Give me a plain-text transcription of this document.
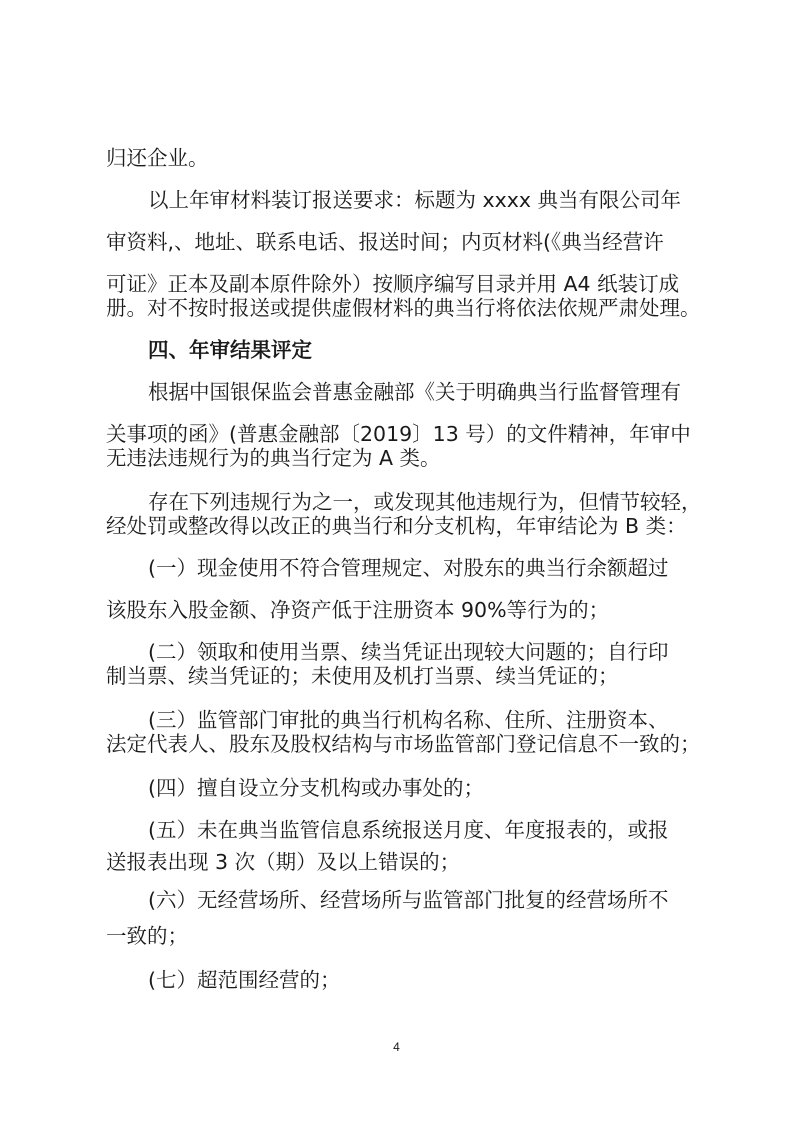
归还企业。
以上年审材料装订报送要求：标题为 xxxx 典当有限公司年
审资料,、地址、联系电话、报送时间；内页材料(《典当经营许
可证》正本及副本原件除外）按顺序编写目录并用 A4 纸装订成
册。对不按时报送或提供虚假材料的典当行将依法依规严肃处理。
四、年审结果评定
根据中国银保监会普惠金融部《关于明确典当行监督管理有
关事项的函》(普惠金融部〔2019〕13 号）的文件精神，年审中
无违法违规行为的典当行定为 A 类。
存在下列违规行为之一，或发现其他违规行为，但情节较轻，
经处罚或整改得以改正的典当行和分支机构，年审结论为 B 类：
(一）现金使用不符合管理规定、对股东的典当行余额超过
该股东入股金额、净资产低于注册资本 90%等行为的；
(二）领取和使用当票、续当凭证出现较大问题的；自行印
制当票、续当凭证的；未使用及机打当票、续当凭证的；
(三）监管部门审批的典当行机构名称、住所、注册资本、
法定代表人、股东及股权结构与市场监管部门登记信息不一致的；
(四）擅自设立分支机构或办事处的；
(五）未在典当监管信息系统报送月度、年度报表的，或报
送报表出现 3 次（期）及以上错误的；
(六）无经营场所、经营场所与监管部门批复的经营场所不
一致的；
(七）超范围经营的；
4
